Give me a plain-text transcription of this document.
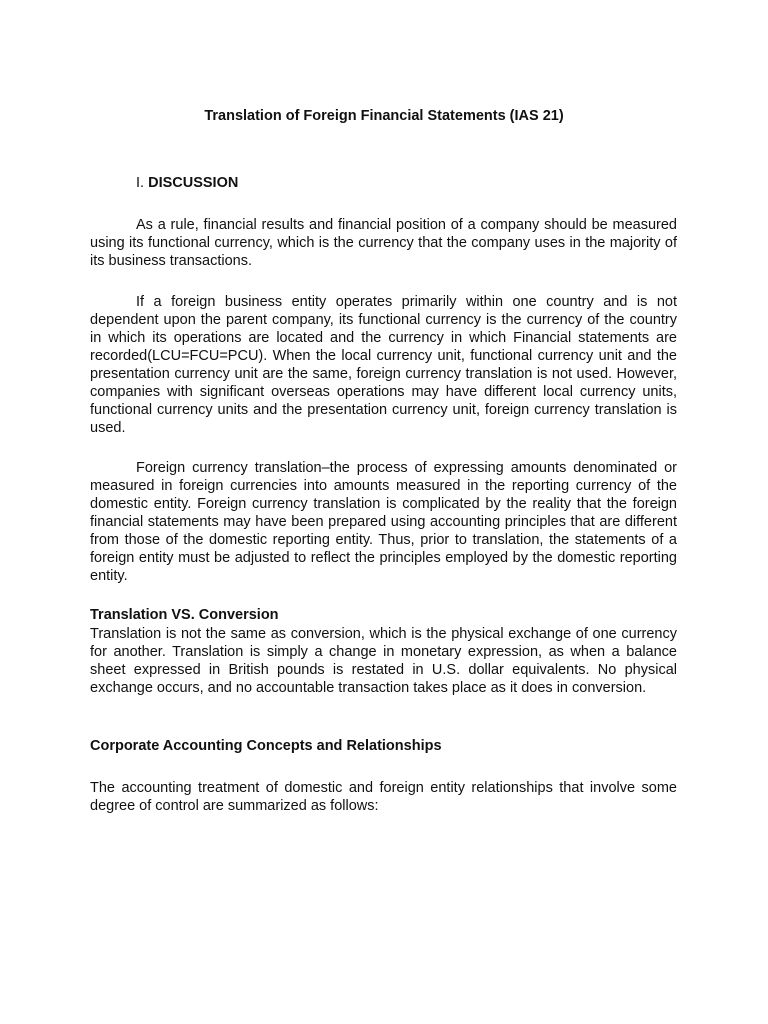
Translation of Foreign Financial Statements (IAS 21)

I. DISCUSSION

As a rule, financial results and financial position of a company should be measured using its functional currency, which is the currency that the company uses in the majority of its business transactions.

If a foreign business entity operates primarily within one country and is not dependent upon the parent company, its functional currency is the currency of the country in which its operations are located and the currency in which Financial statements are recorded(LCU=FCU=PCU). When the local currency unit, functional currency unit and the presentation currency unit are the same, foreign currency translation is not used. However, companies with significant overseas operations may have different local currency units, functional currency units and the presentation currency unit, foreign currency translation is used.

Foreign currency translation–the process of expressing amounts denominated or measured in foreign currencies into amounts measured in the reporting currency of the domestic entity. Foreign currency translation is complicated by the reality that the foreign financial statements may have been prepared using accounting principles that are different from those of the domestic reporting entity. Thus, prior to translation, the statements of a foreign entity must be adjusted to reflect the principles employed by the domestic reporting entity.

Translation VS. Conversion

Translation is not the same as conversion, which is the physical exchange of one currency for another. Translation is simply a change in monetary expression, as when a balance sheet expressed in British pounds is restated in U.S. dollar equivalents. No physical exchange occurs, and no accountable transaction takes place as it does in conversion.

Corporate Accounting Concepts and Relationships

The accounting treatment of domestic and foreign entity relationships that involve some degree of control are summarized as follows:
